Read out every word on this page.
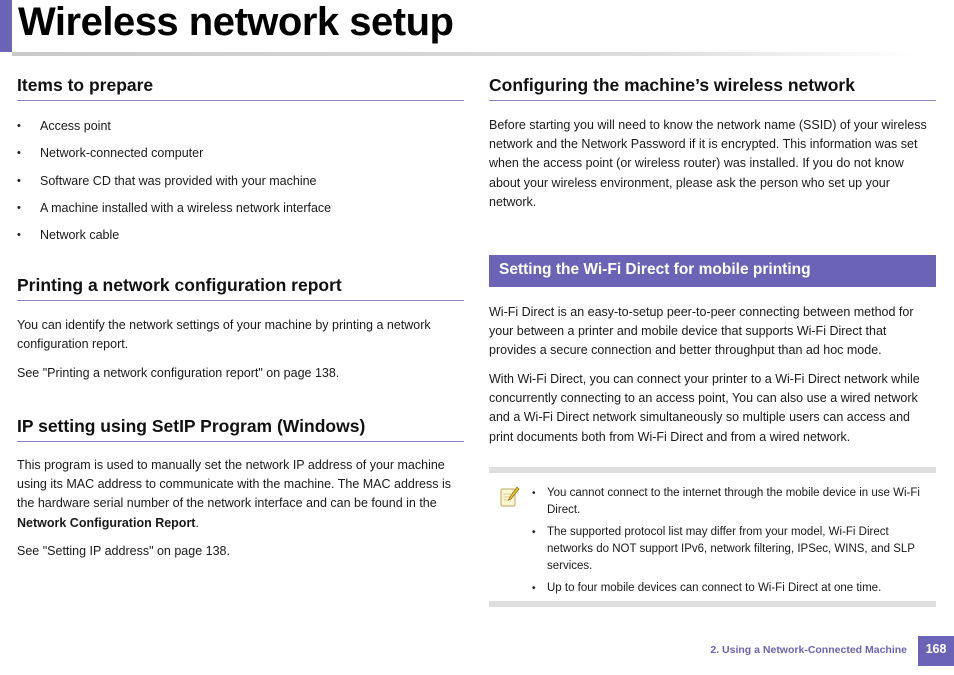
Wireless network setup
Items to prepare
• Access point
• Network-connected computer
• Software CD that was provided with your machine
• A machine installed with a wireless network interface
• Network cable
Printing a network configuration report

You can identify the network settings of your machine by printing a network configuration report.

See "Printing a network configuration report" on page 138.

IP setting using SetIP Program (Windows)

This program is used to manually set the network IP address of your machine using its MAC address to communicate with the machine. The MAC address is the hardware serial number of the network interface and can be found in the Network Configuration Report.

See "Setting IP address" on page 138.

Configuring the machine’s wireless network

Before starting you will need to know the network name (SSID) of your wireless network and the Network Password if it is encrypted. This information was set when the access point (or wireless router) was installed. If you do not know about your wireless environment, please ask the person who set up your network.

Setting the Wi-Fi Direct for mobile printing

Wi-Fi Direct is an easy-to-setup peer-to-peer connecting between method for your between a printer and mobile device that supports Wi-Fi Direct that provides a secure connection and better throughput than ad hoc mode.

With Wi-Fi Direct, you can connect your printer to a Wi-Fi Direct network while concurrently connecting to an access point, You can also use a wired network and a Wi-Fi Direct network simultaneously so multiple users can access and print documents both from Wi-Fi Direct and from a wired network.

• You cannot connect to the internet through the mobile device in use Wi-Fi Direct.
• The supported protocol list may differ from your model, Wi-Fi Direct networks do NOT support IPv6, network filtering, IPSec, WINS, and SLP services.
• Up to four mobile devices can connect to Wi-Fi Direct at one time.
2. Using a Network-Connected Machine	168
